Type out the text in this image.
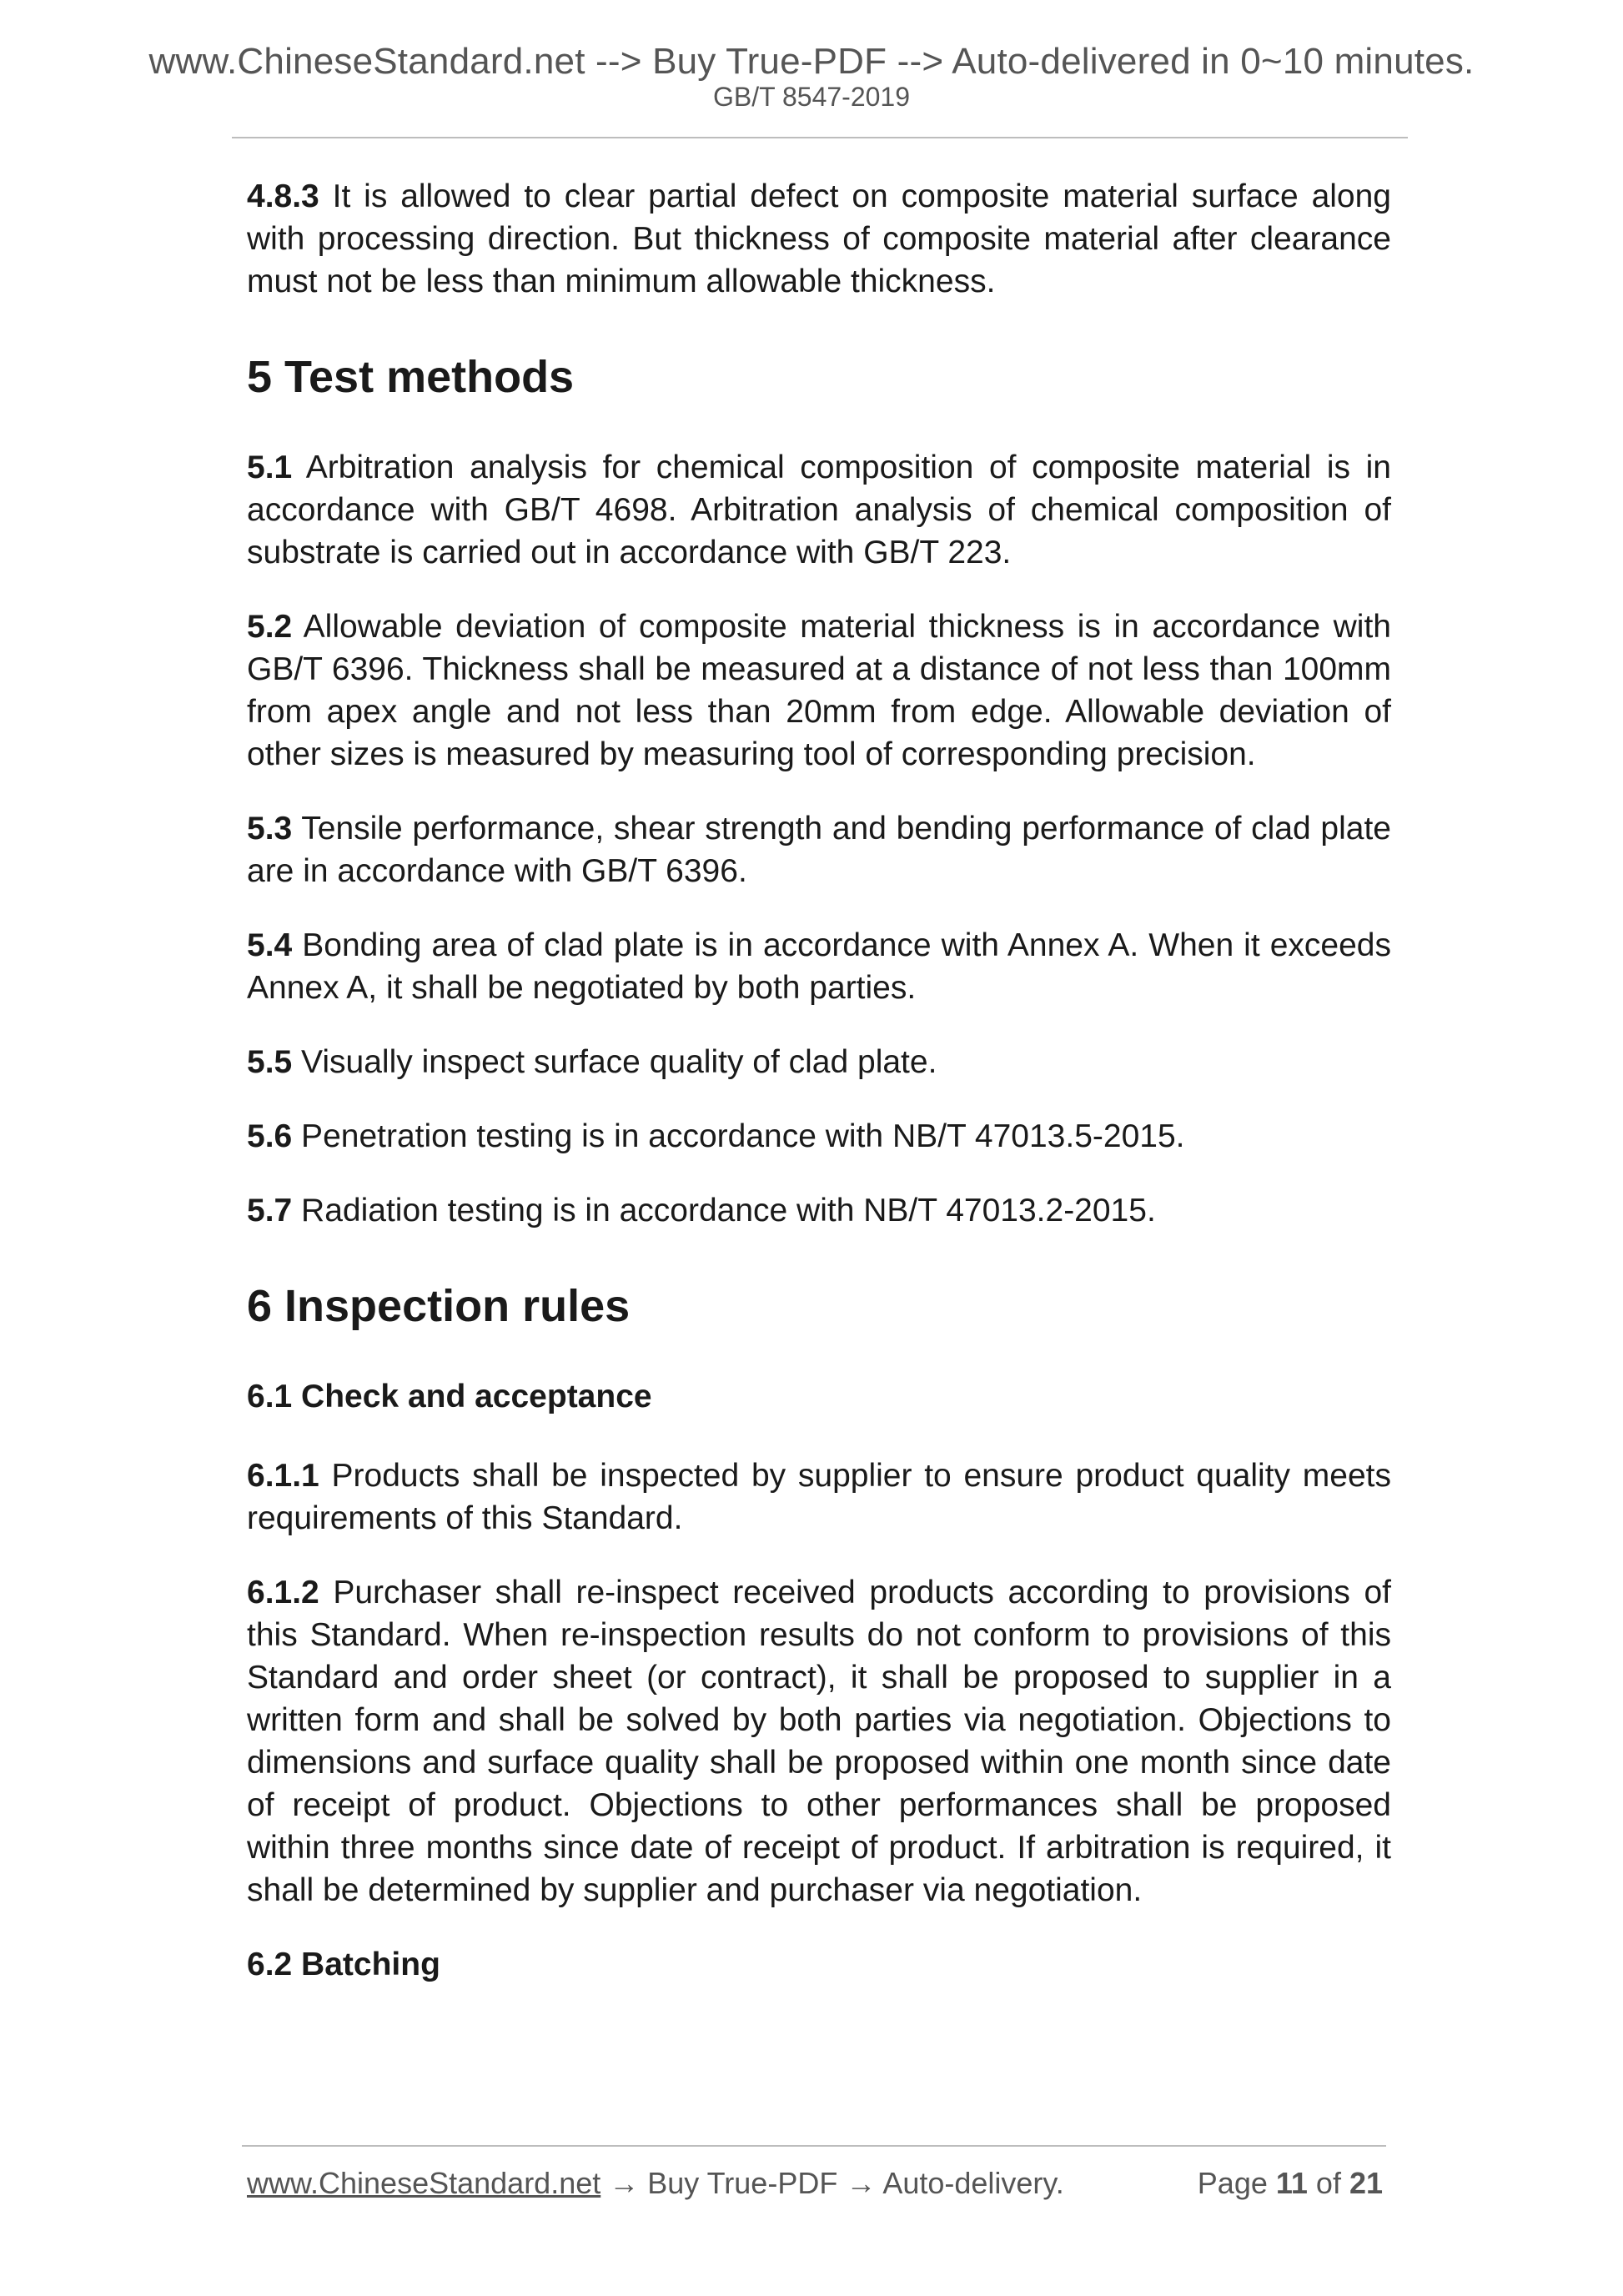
www.ChineseStandard.net --> Buy True-PDF --> Auto-delivered in 0~10 minutes.
GB/T 8547-2019

4.8.3 It is allowed to clear partial defect on composite material surface along with processing direction. But thickness of composite material after clearance must not be less than minimum allowable thickness.

5 Test methods

5.1 Arbitration analysis for chemical composition of composite material is in accordance with GB/T 4698. Arbitration analysis of chemical composition of substrate is carried out in accordance with GB/T 223.

5.2 Allowable deviation of composite material thickness is in accordance with GB/T 6396. Thickness shall be measured at a distance of not less than 100mm from apex angle and not less than 20mm from edge. Allowable deviation of other sizes is measured by measuring tool of corresponding precision.

5.3 Tensile performance, shear strength and bending performance of clad plate are in accordance with GB/T 6396.

5.4 Bonding area of clad plate is in accordance with Annex A. When it exceeds Annex A, it shall be negotiated by both parties.

5.5 Visually inspect surface quality of clad plate.

5.6 Penetration testing is in accordance with NB/T 47013.5-2015.

5.7 Radiation testing is in accordance with NB/T 47013.2-2015.

6 Inspection rules
6.1 Check and acceptance

6.1.1 Products shall be inspected by supplier to ensure product quality meets requirements of this Standard.

6.1.2 Purchaser shall re-inspect received products according to provisions of this Standard. When re-inspection results do not conform to provisions of this Standard and order sheet (or contract), it shall be proposed to supplier in a written form and shall be solved by both parties via negotiation. Objections to dimensions and surface quality shall be proposed within one month since date of receipt of product. Objections to other performances shall be proposed within three months since date of receipt of product. If arbitration is required, it shall be determined by supplier and purchaser via negotiation.

6.2 Batching
www.ChineseStandard.net → Buy True-PDF → Auto-delivery.	Page 11 of 21
